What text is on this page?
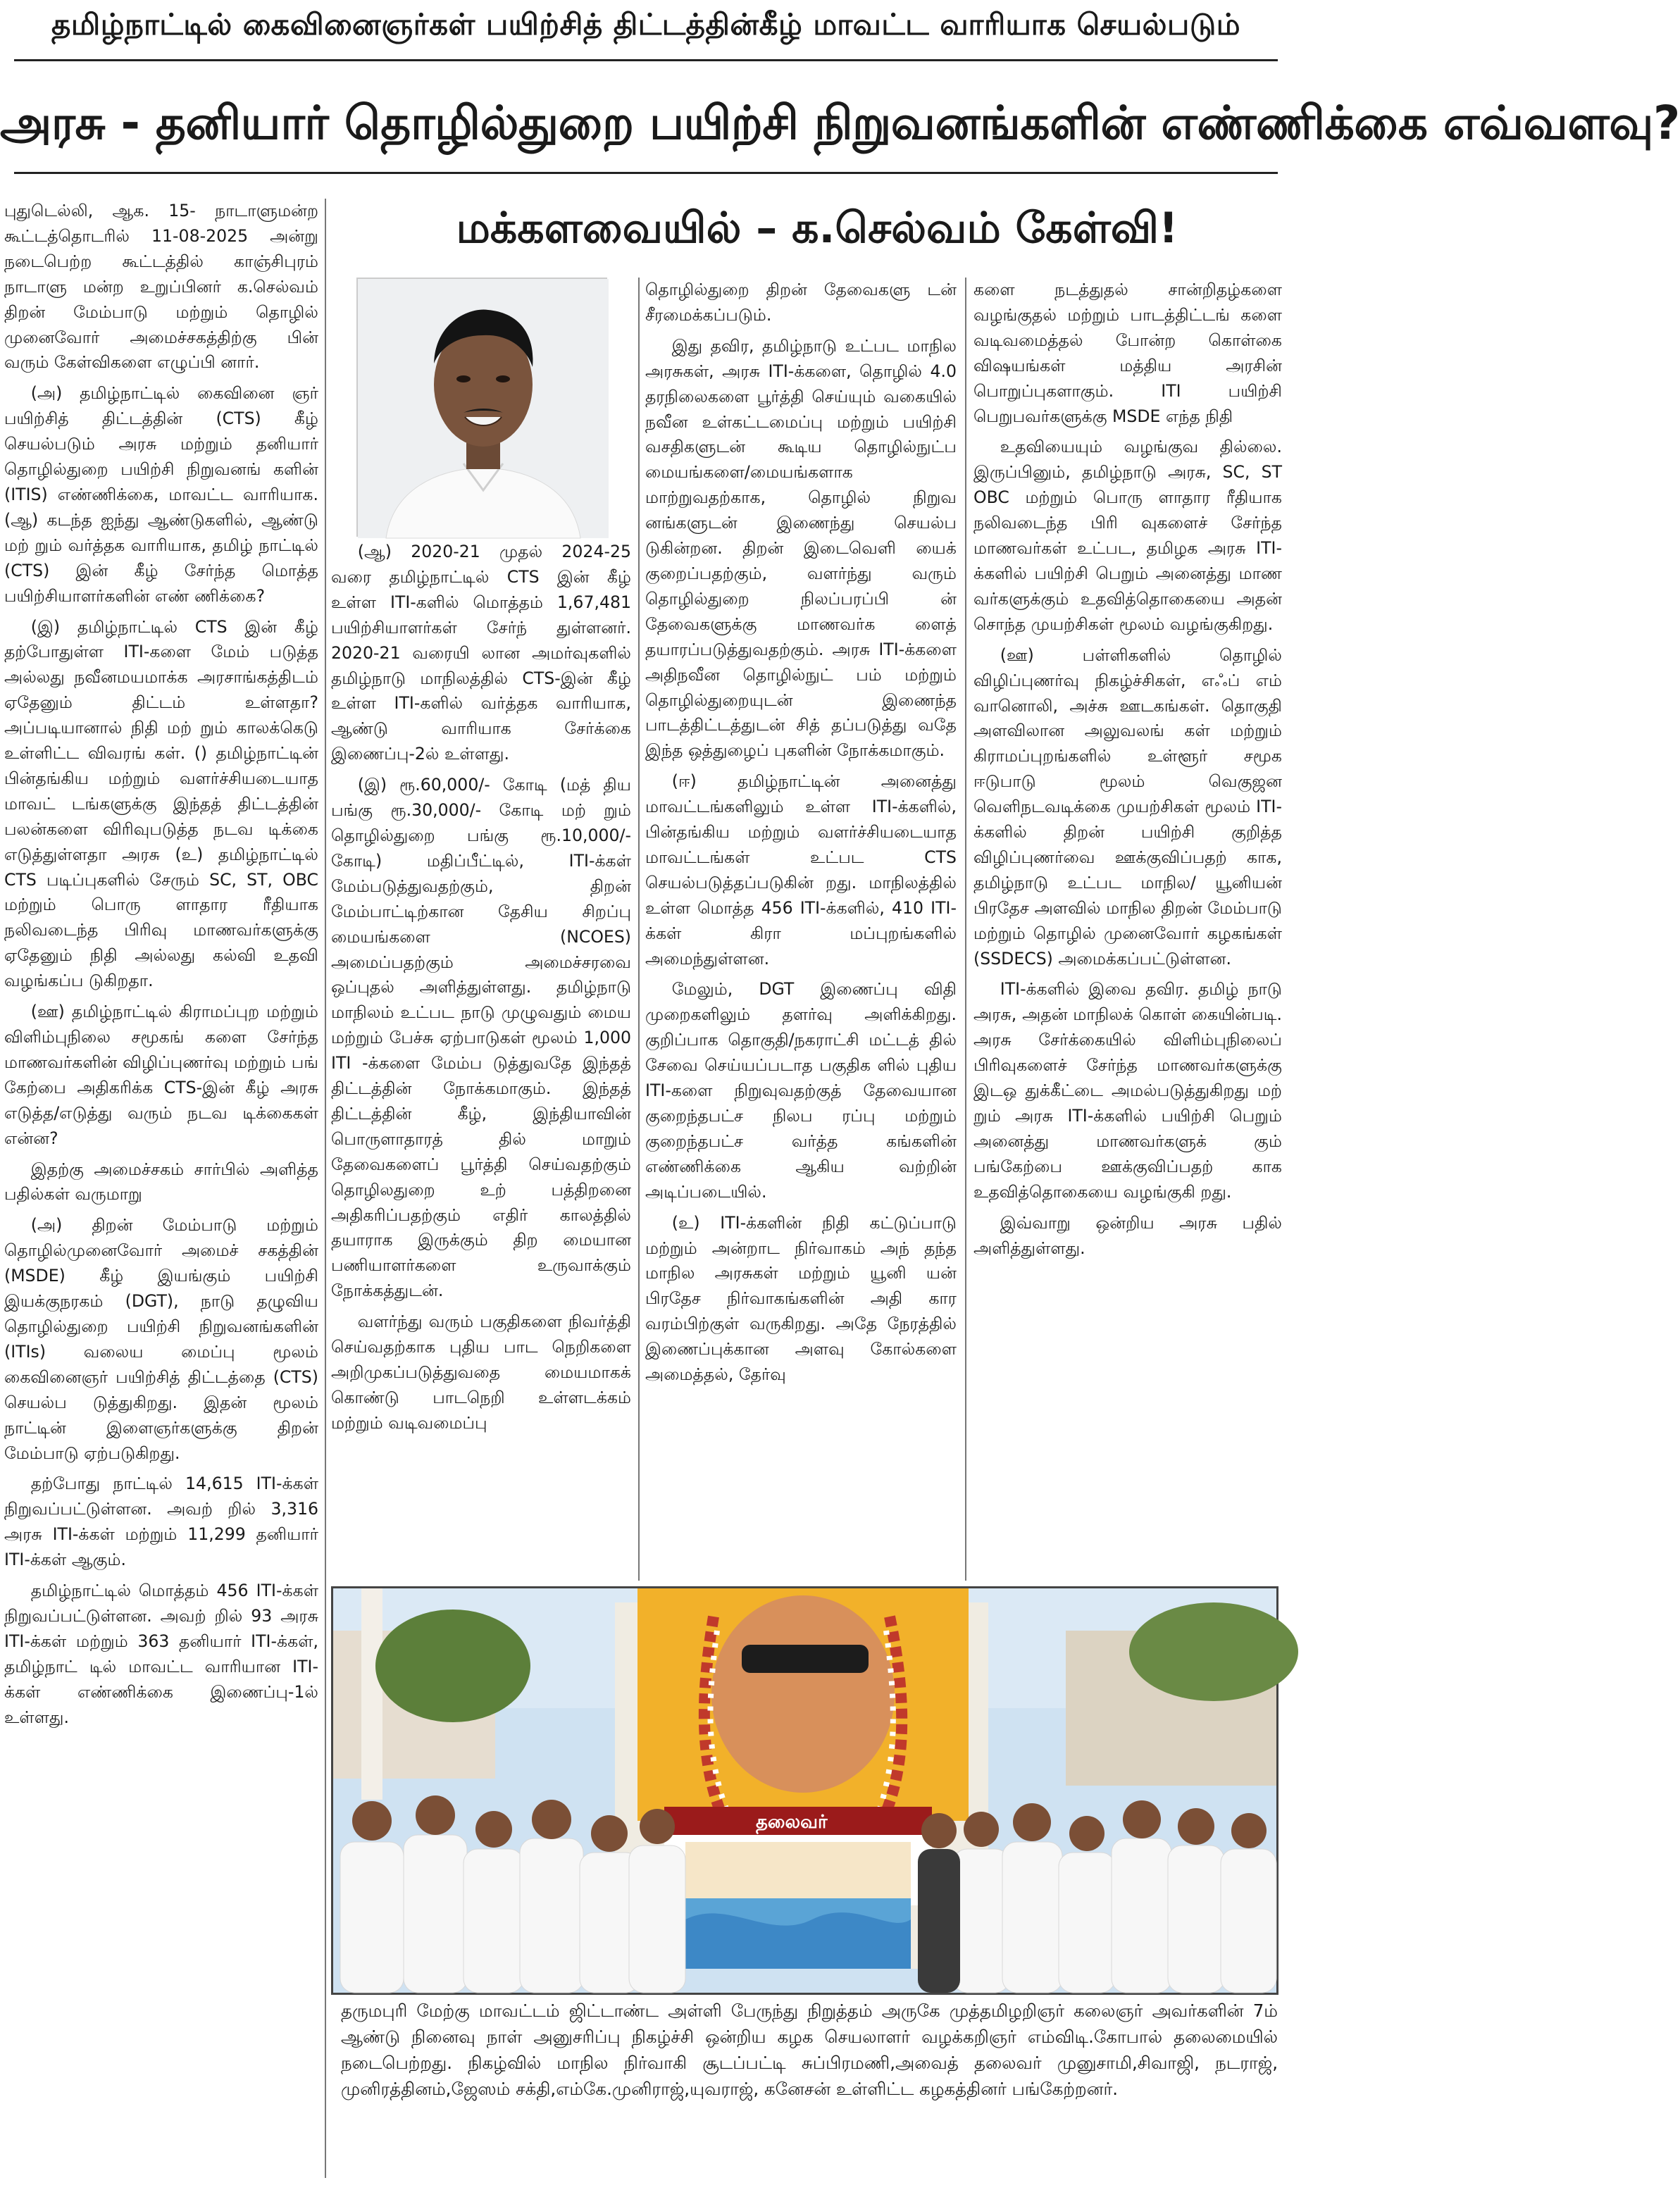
தமிழ்நாட்டில் கைவினைஞர்கள் பயிற்சித் திட்டத்தின்கீழ் மாவட்ட வாரியாக செயல்படும்
அரசு - தனியார் தொழில்துறை பயிற்சி நிறுவனங்களின் எண்ணிக்கை எவ்வளவு?
மக்களவையில் – க.செல்வம் கேள்வி!

புதுடெல்லி, ஆக. 15- நாடாளுமன்ற கூட்டத்தொடரில் 11-08-2025 அன்று நடைபெற்ற கூட்டத்தில் காஞ்சிபுரம் நாடாளு மன்ற உறுப்பினர் க.செல்வம் திறன் மேம்பாடு மற்றும் தொழில் முனைவோர் அமைச்சகத்திற்கு பின் வரும் கேள்விகளை எழுப்பி னார்.

(அ) தமிழ்நாட்டில் கைவினை ஞர் பயிற்சித் திட்டத்தின் (CTS) கீழ் செயல்படும் அரசு மற்றும் தனியார் தொழில்துறை பயிற்சி நிறுவனங் களின் (ITIS) எண்ணிக்கை, மாவட்ட வாரியாக. (ஆ) கடந்த ஐந்து ஆண்டுகளில், ஆண்டு மற் றும் வர்த்தக வாரியாக, தமிழ் நாட்டில் (CTS) இன் கீழ் சேர்ந்த மொத்த பயிற்சியாளர்களின் எண் ணிக்கை?

(இ) தமிழ்நாட்டில் CTS இன் கீழ் தற்போதுள்ள ITI-களை மேம் படுத்த அல்லது நவீனமயமாக்க அரசாங்கத்திடம் ஏதேனும் திட்டம் உள்ளதா? அப்படியானால் நிதி மற் றும் காலக்கெடு உள்ளிட்ட விவரங் கள். () தமிழ்நாட்டின் பின்தங்கிய மற்றும் வளர்ச்சியடையாத மாவட் டங்களுக்கு இந்தத் திட்டத்தின் பலன்களை விரிவுபடுத்த நடவ டிக்கை எடுத்துள்ளதா அரசு (உ) தமிழ்நாட்டில் CTS படிப்புகளில் சேரும் SC, ST, OBC மற்றும் பொரு ளாதார ரீதியாக நலிவடைந்த பிரிவு மாணவர்களுக்கு ஏதேனும் நிதி அல்லது கல்வி உதவி வழங்கப்ப டுகிறதா.

(ஊ) தமிழ்நாட்டில் கிராமப்புற மற்றும் விளிம்புநிலை சமூகங் களை சேர்ந்த மாணவர்களின் விழிப்புணர்வு மற்றும் பங் கேற்பை அதிகரிக்க CTS-இன் கீழ் அரசு எடுத்த/எடுத்து வரும் நடவ டிக்கைகள் என்ன?

இதற்கு அமைச்சகம் சார்பில் அளித்த பதில்கள் வருமாறு

(அ) திறன் மேம்பாடு மற்றும் தொழில்முனைவோர் அமைச் சகத்தின் (MSDE) கீழ் இயங்கும் பயிற்சி இயக்குநரகம் (DGT), நாடு தழுவிய தொழில்துறை பயிற்சி நிறுவனங்களின் (ITIs) வலைய மைப்பு மூலம் கைவினைஞர் பயிற்சித் திட்டத்தை (CTS) செயல்ப டுத்துகிறது. இதன் மூலம் நாட்டின் இளைஞர்களுக்கு திறன் மேம்பாடு ஏற்படுகிறது.

தற்போது நாட்டில் 14,615 ITI-க்கள் நிறுவப்பட்டுள்ளன. அவற் றில் 3,316 அரசு ITI-க்கள் மற்றும் 11,299 தனியார் ITI-க்கள் ஆகும்.

தமிழ்நாட்டில் மொத்தம் 456 ITI-க்கள் நிறுவப்பட்டுள்ளன. அவற் றில் 93 அரசு ITI-க்கள் மற்றும் 363 தனியார் ITI-க்கள், தமிழ்நாட் டில் மாவட்ட வாரியான ITI-க்கள் எண்ணிக்கை இணைப்பு-1ல் உள்ளது.

(ஆ) 2020-21 முதல் 2024-25 வரை தமிழ்நாட்டில் CTS இன் கீழ் உள்ள ITI-களில் மொத்தம் 1,67,481 பயிற்சியாளர்கள் சேர்ந் துள்ளனர். 2020-21 வரையி லான அமர்வுகளில் தமிழ்நாடு மாநிலத்தில் CTS-இன் கீழ் உள்ள ITI-களில் வர்த்தக வாரியாக, ஆண்டு வாரியாக சேர்க்கை இணைப்பு-2ல் உள்ளது.

(இ) ரூ.60,000/- கோடி (மத் திய பங்கு ரூ.30,000/- கோடி மற் றும் தொழில்துறை பங்கு ரூ.10,000/- கோடி) மதிப்பீட்டில், ITI-க்கள் மேம்படுத்துவதற்கும், திறன் மேம்பாட்டிற்கான தேசிய சிறப்பு மையங்களை (NCOES) அமைப்பதற்கும் அமைச்சரவை ஒப்புதல் அளித்துள்ளது. தமிழ்நாடு மாநிலம் உட்பட நாடு முழுவதும் மைய மற்றும் பேச்சு ஏற்பாடுகள் மூலம் 1,000 ITI -க்களை மேம்ப டுத்துவதே இந்தத் திட்டத்தின் நோக்கமாகும். இந்தத் திட்டத்தின் கீழ், இந்தியாவின் பொருளாதாரத் தில் மாறும் தேவைகளைப் பூர்த்தி செய்வதற்கும் தொழிலதுறை உற் பத்திறனை அதிகரிப்பதற்கும் எதிர் காலத்தில் தயாராக இருக்கும் திற மையான பணியாளர்களை உருவாக்கும் நோக்கத்துடன்.

வளர்ந்து வரும் பகுதிகளை நிவர்த்தி செய்வதற்காக புதிய பாட நெறிகளை அறிமுகப்படுத்துவதை மையமாகக் கொண்டு பாடநெறி உள்ளடக்கம் மற்றும் வடிவமைப்பு

தொழில்துறை திறன் தேவைகளு டன் சீரமைக்கப்படும்.

இது தவிர, தமிழ்நாடு உட்பட மாநில அரசுகள், அரசு ITI-க்களை, தொழில் 4.0 தரநிலைகளை பூர்த்தி செய்யும் வகையில் நவீன உள்கட்டமைப்பு மற்றும் பயிற்சி வசதிகளுடன் கூடிய தொழில்நுட்ப மையங்களை/மையங்களாக மாற்றுவதற்காக, தொழில் நிறுவ னங்களுடன் இணைந்து செயல்ப டுகின்றன. திறன் இடைவெளி யைக் குறைப்பதற்கும், வளர்ந்து வரும் தொழில்துறை நிலப்பரப்பி ன் தேவைகளுக்கு மாணவர்க ளைத் தயாரப்படுத்துவதற்கும். அரசு ITI-க்களை அதிநவீன தொழில்நுட் பம் மற்றும் தொழில்துறையுடன் இணைந்த பாடத்திட்டத்துடன் சித் தப்படுத்து வதே இந்த ஒத்துழைப் புகளின் நோக்கமாகும்.

(ஈ) தமிழ்நாட்டின் அனைத்து மாவட்டங்களிலும் உள்ள ITI-க்களில், பின்தங்கிய மற்றும் வளர்ச்சியடையாத மாவட்டங்கள் உட்பட CTS செயல்படுத்தப்படுகின் றது. மாநிலத்தில் உள்ள மொத்த 456 ITI-க்களில், 410 ITI-க்கள் கிரா மப்புறங்களில் அமைந்துள்ளன.

மேலும், DGT இணைப்பு விதி முறைகளிலும் தளர்வு அளிக்கிறது. குறிப்பாக தொகுதி/நகராட்சி மட்டத் தில் சேவை செய்யப்படாத பகுதிக ளில் புதிய ITI-களை நிறுவுவதற்குத் தேவையான குறைந்தபட்ச நிலப ரப்பு மற்றும் குறைந்தபட்ச வர்த்த கங்களின் எண்ணிக்கை ஆகிய வற்றின் அடிப்படையில்.

(உ) ITI-க்களின் நிதி கட்டுப்பாடு மற்றும் அன்றாட நிர்வாகம் அந் தந்த மாநில அரசுகள் மற்றும் யூனி யன் பிரதேச நிர்வாகங்களின் அதி கார வரம்பிற்குள் வருகிறது. அதே நேரத்தில் இணைப்புக்கான அளவு கோல்களை அமைத்தல், தேர்வு

களை நடத்துதல் சான்றிதழ்களை வழங்குதல் மற்றும் பாடத்திட்டங் களை வடிவமைத்தல் போன்ற கொள்கை விஷயங்கள் மத்திய அரசின் பொறுப்புகளாகும். ITI பயிற்சி பெறுபவர்களுக்கு MSDE எந்த நிதி

உதவியையும் வழங்குவ தில்லை. இருப்பினும், தமிழ்நாடு அரசு, SC, ST OBC மற்றும் பொரு ளாதார ரீதியாக நலிவடைந்த பிரி வுகளைச் சேர்ந்த மாணவர்கள் உட்பட, தமிழக அரசு ITI-க்களில் பயிற்சி பெறும் அனைத்து மாண வர்களுக்கும் உதவித்தொகையை அதன் சொந்த முயற்சிகள் மூலம் வழங்குகிறது.

(ஊ) பள்ளிகளில் தொழில் விழிப்புணர்வு நிகழ்ச்சிகள், எஃப் எம் வானொலி, அச்சு ஊடகங்கள். தொகுதி அளவிலான அலுவலங் கள் மற்றும் கிராமப்புறங்களில் உள்ளூர் சமூக ஈடுபாடு மூலம் வெகுஜன வெளிநடவடிக்கை முயற்சிகள் மூலம் ITI-க்களில் திறன் பயிற்சி குறித்த விழிப்புணர்வை ஊக்குவிப்பதற் காக, தமிழ்நாடு உட்பட மாநில/ யூனியன் பிரதேச அளவில் மாநில திறன் மேம்பாடு மற்றும் தொழில் முனைவோர் கழகங்கள் (SSDECS) அமைக்கப்பட்டுள்ளன.

ITI-க்களில் இவை தவிர. தமிழ் நாடு அரசு, அதன் மாநிலக் கொள் கையின்படி. அரசு சேர்க்கையில் விளிம்புநிலைப் பிரிவுகளைச் சேர்ந்த மாணவர்களுக்கு இடஒ துக்கீட்டை அமல்படுத்துகிறது மற் றும் அரசு ITI-க்களில் பயிற்சி பெறும் அனைத்து மாணவர்களுக் கும் பங்கேற்பை ஊக்குவிப்பதற் காக உதவித்தொகையை வழங்குகி றது.

இவ்வாறு ஒன்றிய அரசு பதில் அளித்துள்ளது.

தலைவர்
தருமபுரி மேற்கு மாவட்டம் ஜிட்டாண்ட அள்ளி பேருந்து நிறுத்தம் அருகே முத்தமிழறிஞர் கலைஞர் அவர்களின் 7ம் ஆண்டு நினைவு நாள் அனுசரிப்பு நிகழ்ச்சி ஒன்றிய கழக செயலாளர் வழக்கறிஞர் எம்விடி.கோபால் தலைமையில் நடைபெற்றது. நிகழ்வில் மாநில நிர்வாகி சூடப்பட்டி சுப்பிரமணி,அவைத் தலைவர் முனுசாமி,சிவாஜி, நடராஜ், முனிரத்தினம்,ஜேஸம் சக்தி,எம்கே.முனிராஜ்,யுவராஜ், கனேசன் உள்ளிட்ட கழகத்தினர் பங்கேற்றனர்.
